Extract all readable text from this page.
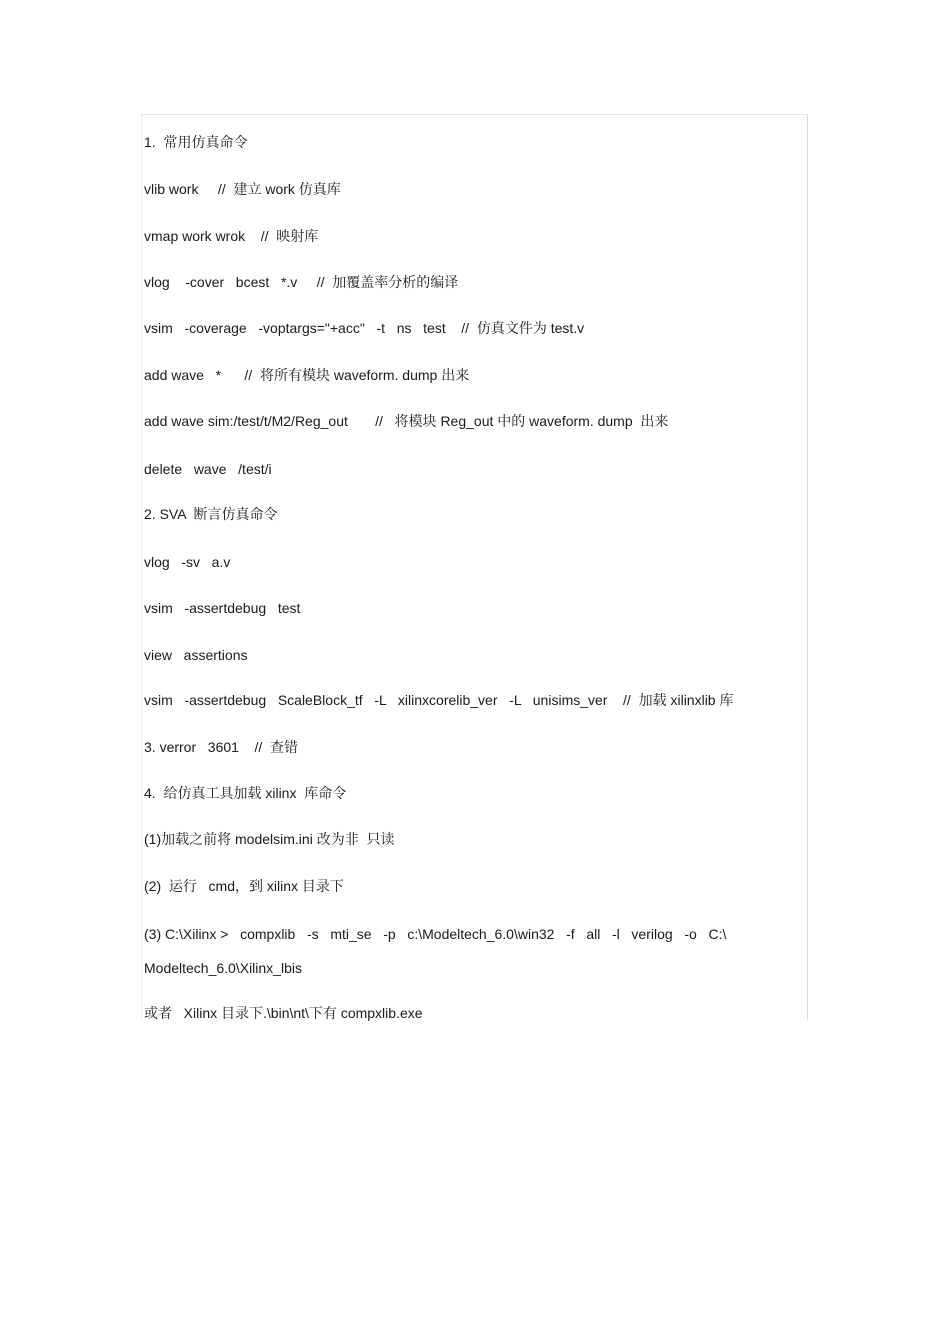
1.  常用仿真命令

vlib work     //  建立 work 仿真库

vmap work wrok    //  映射库

vlog    -cover   bcest   *.v     //  加覆盖率分析的编译

vsim   -coverage   -voptargs="+acc"   -t   ns   test    //  仿真文件为 test.v

add wave   *      //  将所有模块 waveform. dump 出来

add wave sim:/test/t/M2/Reg_out       //   将模块 Reg_out 中的 waveform. dump  出来

delete   wave   /test/i

2. SVA  断言仿真命令

vlog   -sv   a.v

vsim   -assertdebug   test

view   assertions

vsim   -assertdebug   ScaleBlock_tf   -L   xilinxcorelib_ver   -L   unisims_ver    //  加载 xilinxlib 库

3. verror   3601    //  查错

4.  给仿真工具加载 xilinx  库命令

(1)加载之前将 modelsim.ini 改为非  只读

(2)  运行   cmd，到 xilinx 目录下

(3) C:\Xilinx >   compxlib   -s   mti_se   -p   c:\Modeltech_6.0\win32   -f   all   -l   verilog   -o   C:\

Modeltech_6.0\Xilinx_lbis

或者   Xilinx 目录下.\bin\nt\下有 compxlib.exe
